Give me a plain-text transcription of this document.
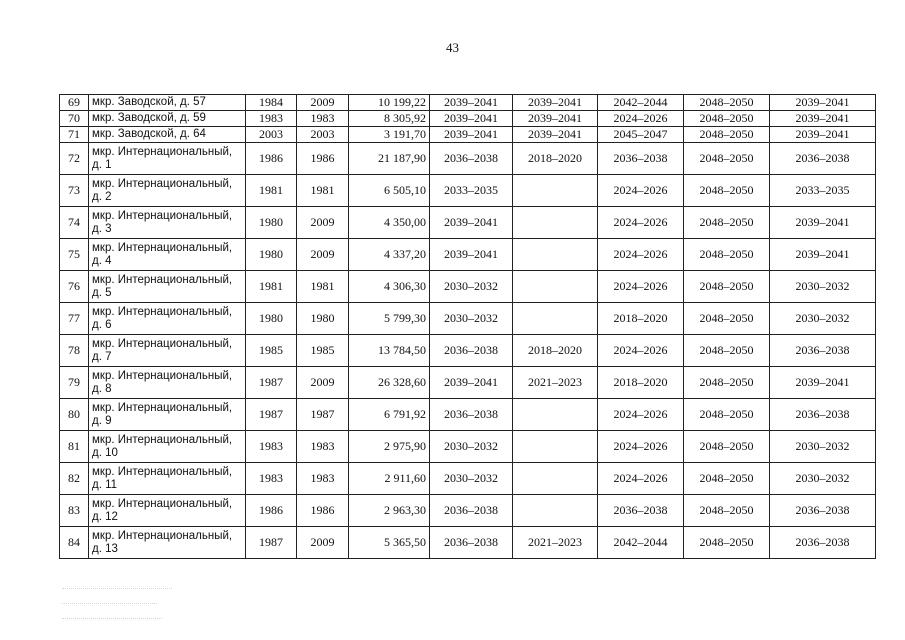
43
69	мкр. Заводской, д. 57	1984	2009	10 199,22	2039–2041	2039–2041	2042–2044	2048–2050	2039–2041
70	мкр. Заводской, д. 59	1983	1983	8 305,92	2039–2041	2039–2041	2024–2026	2048–2050	2039–2041
71	мкр. Заводской, д. 64	2003	2003	3 191,70	2039–2041	2039–2041	2045–2047	2048–2050	2039–2041
72	мкр. Интернациональный, д. 1	1986	1986	21 187,90	2036–2038	2018–2020	2036–2038	2048–2050	2036–2038
73	мкр. Интернациональный, д. 2	1981	1981	6 505,10	2033–2035		2024–2026	2048–2050	2033–2035
74	мкр. Интернациональный, д. 3	1980	2009	4 350,00	2039–2041		2024–2026	2048–2050	2039–2041
75	мкр. Интернациональный, д. 4	1980	2009	4 337,20	2039–2041		2024–2026	2048–2050	2039–2041
76	мкр. Интернациональный, д. 5	1981	1981	4 306,30	2030–2032		2024–2026	2048–2050	2030–2032
77	мкр. Интернациональный, д. 6	1980	1980	5 799,30	2030–2032		2018–2020	2048–2050	2030–2032
78	мкр. Интернациональный, д. 7	1985	1985	13 784,50	2036–2038	2018–2020	2024–2026	2048–2050	2036–2038
79	мкр. Интернациональный, д. 8	1987	2009	26 328,60	2039–2041	2021–2023	2018–2020	2048–2050	2039–2041
80	мкр. Интернациональный, д. 9	1987	1987	6 791,92	2036–2038		2024–2026	2048–2050	2036–2038
81	мкр. Интернациональный, д. 10	1983	1983	2 975,90	2030–2032		2024–2026	2048–2050	2030–2032
82	мкр. Интернациональный, д. 11	1983	1983	2 911,60	2030–2032		2024–2026	2048–2050	2030–2032
83	мкр. Интернациональный, д. 12	1986	1986	2 963,30	2036–2038		2036–2038	2048–2050	2036–2038
84	мкр. Интернациональный, д. 13	1987	2009	5 365,50	2036–2038	2021–2023	2042–2044	2048–2050	2036–2038
